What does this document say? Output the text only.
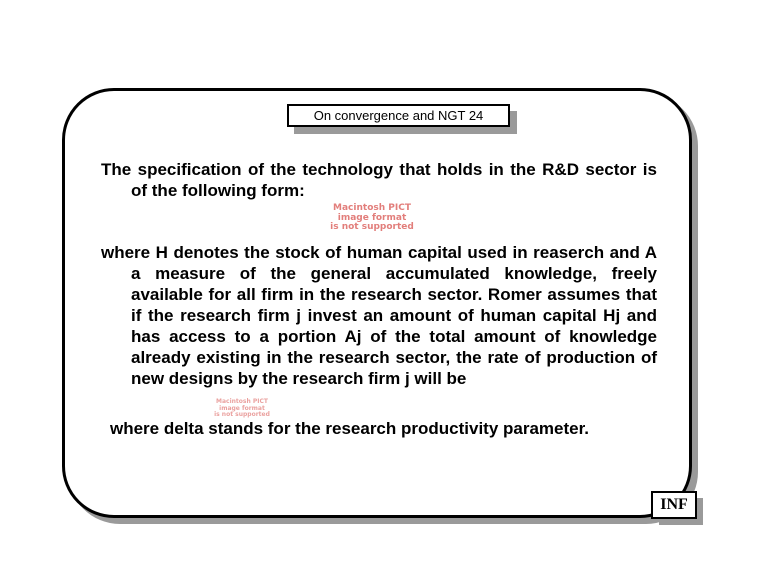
On convergence and NGT 24

The specification of the technology that holds in the R&D sector is of the following form:

Macintosh PICT
image format
is not supported

where H denotes the stock of human capital used in reaserch and A a measure of the general accumulated knowledge, freely available for all firm in the research sector. Romer assumes that if the research firm j invest an amount of human capital Hj and has access to a portion Aj of the total amount of knowledge already existing in the research sector, the rate of production of new designs by the research firm j will be

Macintosh PICT
image format
is not supported

where delta stands for the research productivity parameter.

INF
